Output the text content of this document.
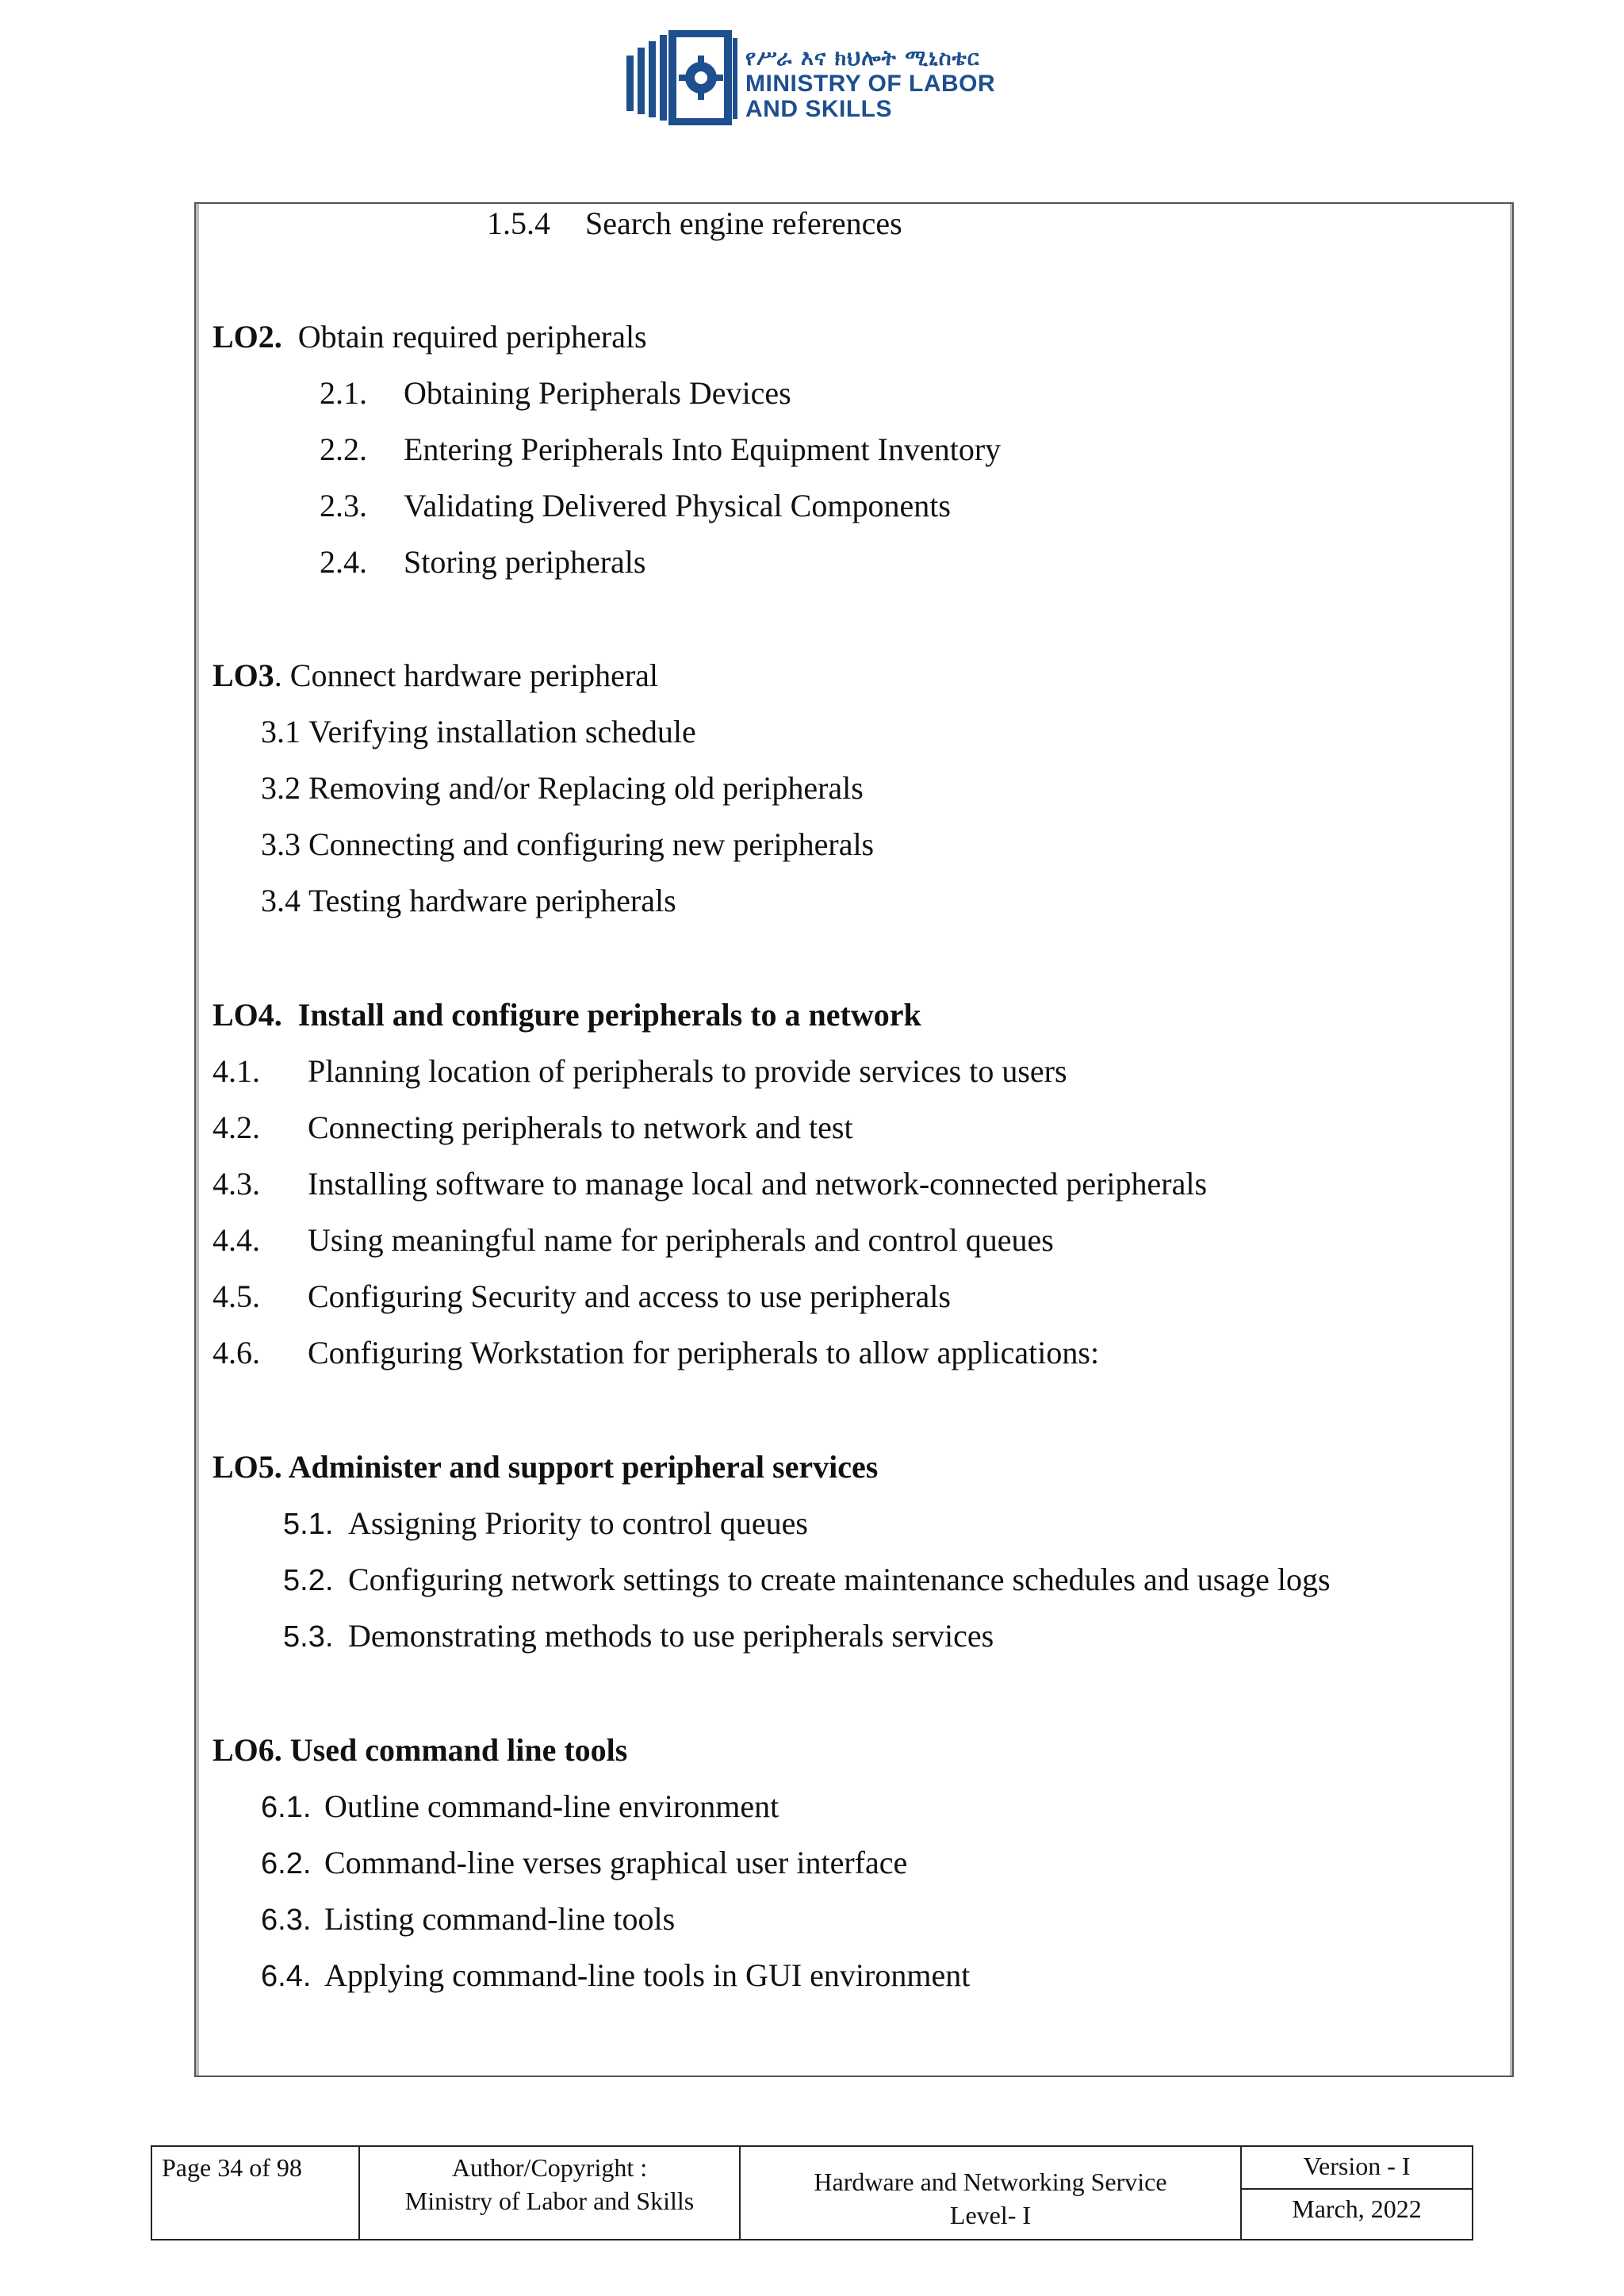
የሥራ እና ክህሎት ሚኒስቴር
MINISTRY OF LABOR
AND SKILLS
1.5.4 Search engine references
LO2. Obtain required peripherals
2.1. Obtaining Peripherals Devices
2.2. Entering Peripherals Into Equipment Inventory
2.3. Validating Delivered Physical Components
2.4. Storing peripherals
LO3. Connect hardware peripheral
3.1 Verifying installation schedule
3.2 Removing and/or Replacing old peripherals
3.3 Connecting and configuring new peripherals
3.4 Testing hardware peripherals
LO4. Install and configure peripherals to a network
4.1. Planning location of peripherals to provide services to users
4.2. Connecting peripherals to network and test
4.3. Installing software to manage local and network-connected peripherals
4.4. Using meaningful name for peripherals and control queues
4.5. Configuring Security and access to use peripherals
4.6. Configuring Workstation for peripherals to allow applications:
LO5. Administer and support peripheral services
5.1. Assigning Priority to control queues
5.2. Configuring network settings to create maintenance schedules and usage logs
5.3. Demonstrating methods to use peripherals services
LO6. Used command line tools
6.1. Outline command-line environment
6.2. Command-line verses graphical user interface
6.3. Listing command-line tools
6.4. Applying command-line tools in GUI environment
Page 34 of 98	Author/Copyright :
Ministry of Labor and Skills
Hardware and Networking Service
Level- I
Version - I
March, 2022
